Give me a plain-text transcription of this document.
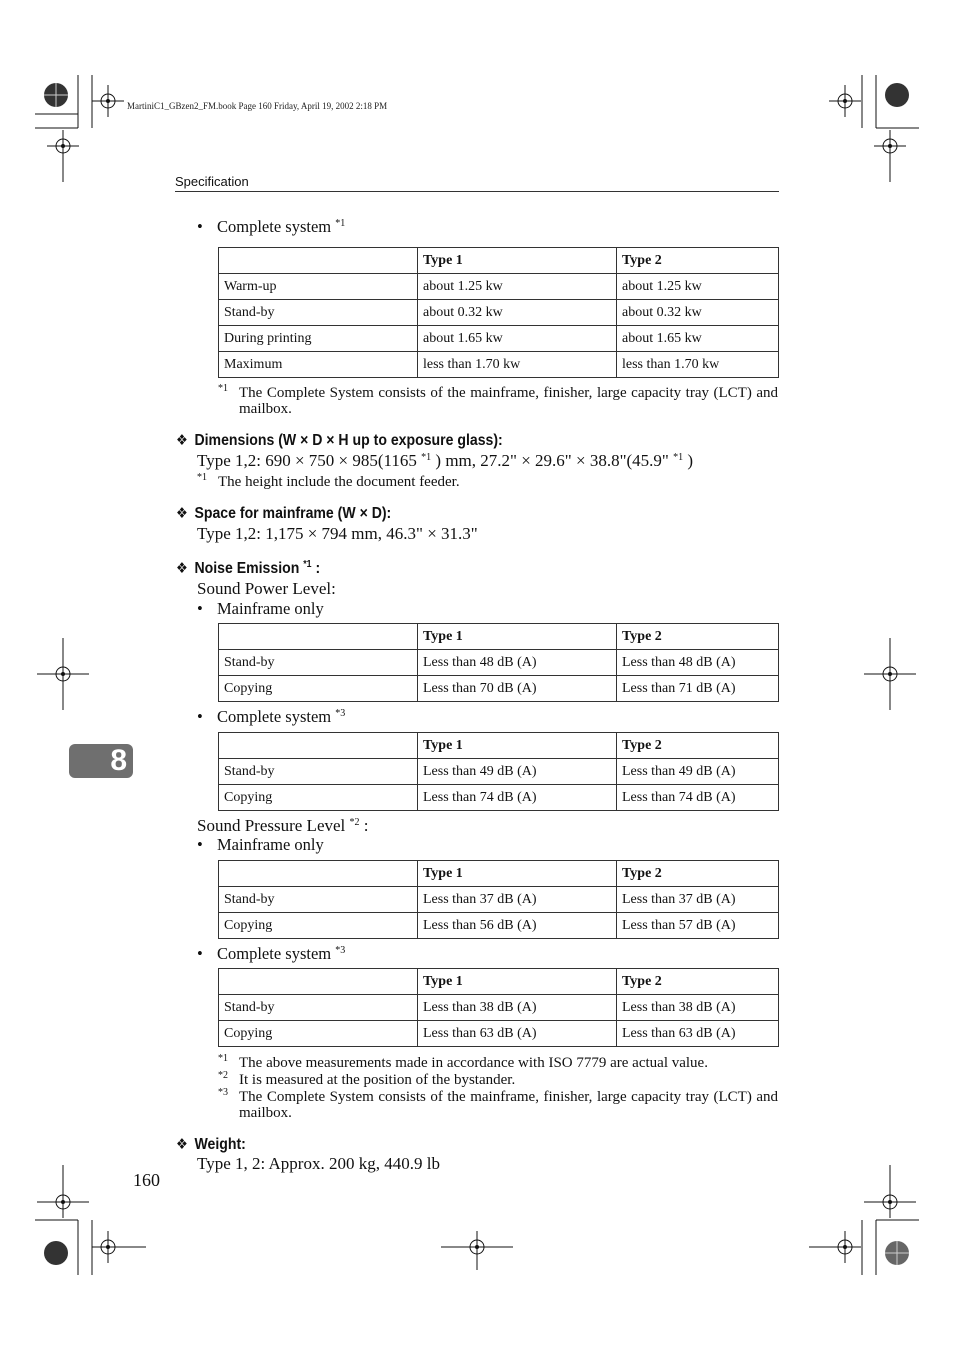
MartiniC1_GBzen2_FM.book Page 160 Friday, April 19, 2002 2:18 PM
Specification
• Complete system $^{*1}$
	Type 1	Type 2
Warm-up	about 1.25 kw	about 1.25 kw
Stand-by	about 0.32 kw	about 0.32 kw
During printing	about 1.65 kw	about 1.65 kw
Maximum	less than 1.70 kw	less than 1.70 kw
*1 The Complete System consists of the mainframe, finisher, large capacity tray (LCT) and mailbox.
❖ Dimensions (W × D × H up to exposure glass):
Type 1,2: 690 × 750 × 985(1165 $^{*1}$ ) mm, 27.2" × 29.6" × 38.8"(45.9" $^{*1}$ )
*1 The height include the document feeder.
❖ Space for mainframe (W × D):
Type 1,2: 1,175 × 794 mm, 46.3" × 31.3"
❖ Noise Emission $^{*1}$ :
Sound Power Level:
• Mainframe only
	Type 1	Type 2
Stand-by	Less than 48 dB (A)	Less than 48 dB (A)
Copying	Less than 70 dB (A)	Less than 71 dB (A)
• Complete system $^{*3}$
	Type 1	Type 2
Stand-by	Less than 49 dB (A)	Less than 49 dB (A)
Copying	Less than 74 dB (A)	Less than 74 dB (A)
Sound Pressure Level $^{*2}$ :
• Mainframe only
	Type 1	Type 2
Stand-by	Less than 37 dB (A)	Less than 37 dB (A)
Copying	Less than 56 dB (A)	Less than 57 dB (A)
• Complete system $^{*3}$
	Type 1	Type 2
Stand-by	Less than 38 dB (A)	Less than 38 dB (A)
Copying	Less than 63 dB (A)	Less than 63 dB (A)
*1 The above measurements made in accordance with ISO 7779 are actual value.
*2 It is measured at the position of the bystander.
*3 The Complete System consists of the mainframe, finisher, large capacity tray (LCT) and mailbox.
❖ Weight:
Type 1, 2: Approx. 200 kg, 440.9 lb
8
160
